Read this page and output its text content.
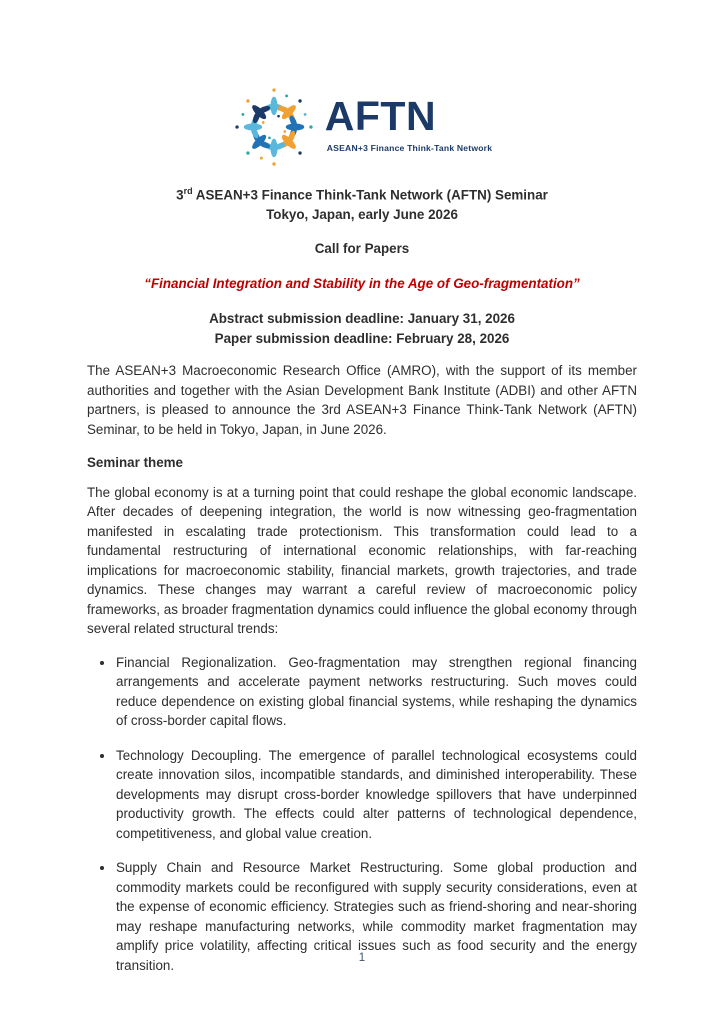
AFTN
ASEAN+3 Finance Think-Tank Network
3rd ASEAN+3 Finance Think-Tank Network (AFTN) Seminar
Tokyo, Japan, early June 2026
Call for Papers
“Financial Integration and Stability in the Age of Geo-fragmentation”
Abstract submission deadline: January 31, 2026
Paper submission deadline: February 28, 2026

The ASEAN+3 Macroeconomic Research Office (AMRO), with the support of its member authorities and together with the Asian Development Bank Institute (ADBI) and other AFTN partners, is pleased to announce the 3rd ASEAN+3 Finance Think-Tank Network (AFTN) Seminar, to be held in Tokyo, Japan, in June 2026.

Seminar theme

The global economy is at a turning point that could reshape the global economic landscape. After decades of deepening integration, the world is now witnessing geo-fragmentation manifested in escalating trade protectionism. This transformation could lead to a fundamental restructuring of international economic relationships, with far-reaching implications for macroeconomic stability, financial markets, growth trajectories, and trade dynamics. These changes may warrant a careful review of macroeconomic policy frameworks, as broader fragmentation dynamics could influence the global economy through several related structural trends:

• Financial Regionalization. Geo-fragmentation may strengthen regional financing arrangements and accelerate payment networks restructuring. Such moves could reduce dependence on existing global financial systems, while reshaping the dynamics of cross-border capital flows.
• Technology Decoupling. The emergence of parallel technological ecosystems could create innovation silos, incompatible standards, and diminished interoperability. These developments may disrupt cross-border knowledge spillovers that have underpinned productivity growth. The effects could alter patterns of technological dependence, competitiveness, and global value creation.
• Supply Chain and Resource Market Restructuring. Some global production and commodity markets could be reconfigured with supply security considerations, even at the expense of economic efficiency. Strategies such as friend-shoring and near-shoring may reshape manufacturing networks, while commodity market fragmentation may amplify price volatility, affecting critical issues such as food security and the energy transition.
1
